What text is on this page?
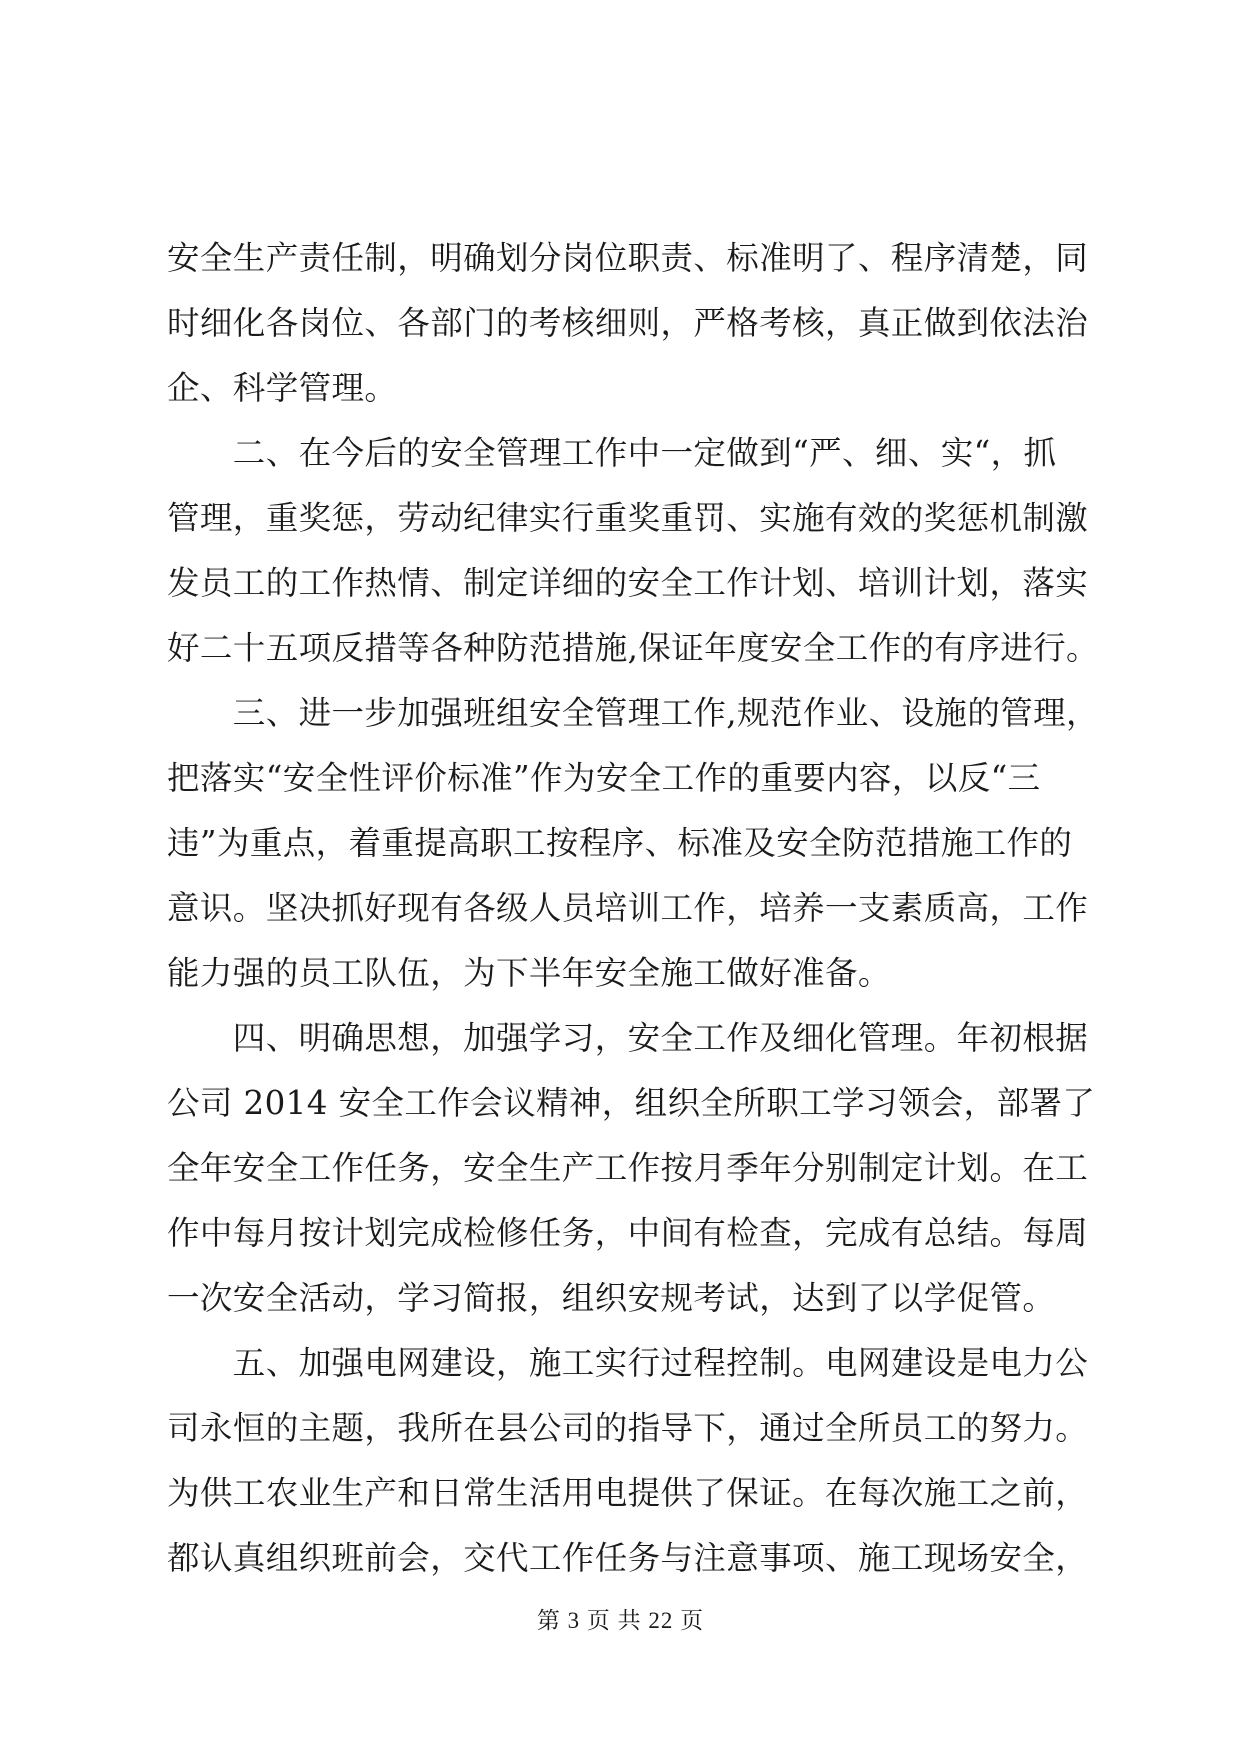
安全生产责任制，明确划分岗位职责、标准明了、程序清楚，同
时细化各岗位、各部门的考核细则，严格考核，真正做到依法治
企、科学管理。
　　二、在今后的安全管理工作中一定做到“严、细、实“，抓
管理，重奖惩，劳动纪律实行重奖重罚、实施有效的奖惩机制激
发员工的工作热情、制定详细的安全工作计划、培训计划，落实
好二十五项反措等各种防范措施,保证年度安全工作的有序进行。
　　三、进一步加强班组安全管理工作,规范作业、设施的管理，
把落实“安全性评价标准”作为安全工作的重要内容，以反“三
违”为重点，着重提高职工按程序、标准及安全防范措施工作的
意识。坚决抓好现有各级人员培训工作，培养一支素质高，工作
能力强的员工队伍，为下半年安全施工做好准备。
　　四、明确思想，加强学习，安全工作及细化管理。年初根据
公司 2014 安全工作会议精神，组织全所职工学习领会，部署了
全年安全工作任务，安全生产工作按月季年分别制定计划。在工
作中每月按计划完成检修任务，中间有检查，完成有总结。每周
一次安全活动，学习简报，组织安规考试，达到了以学促管。
　　五、加强电网建设，施工实行过程控制。电网建设是电力公
司永恒的主题，我所在县公司的指导下，通过全所员工的努力。
为供工农业生产和日常生活用电提供了保证。在每次施工之前，
都认真组织班前会，交代工作任务与注意事项、施工现场安全，
第 3 页 共 22 页
